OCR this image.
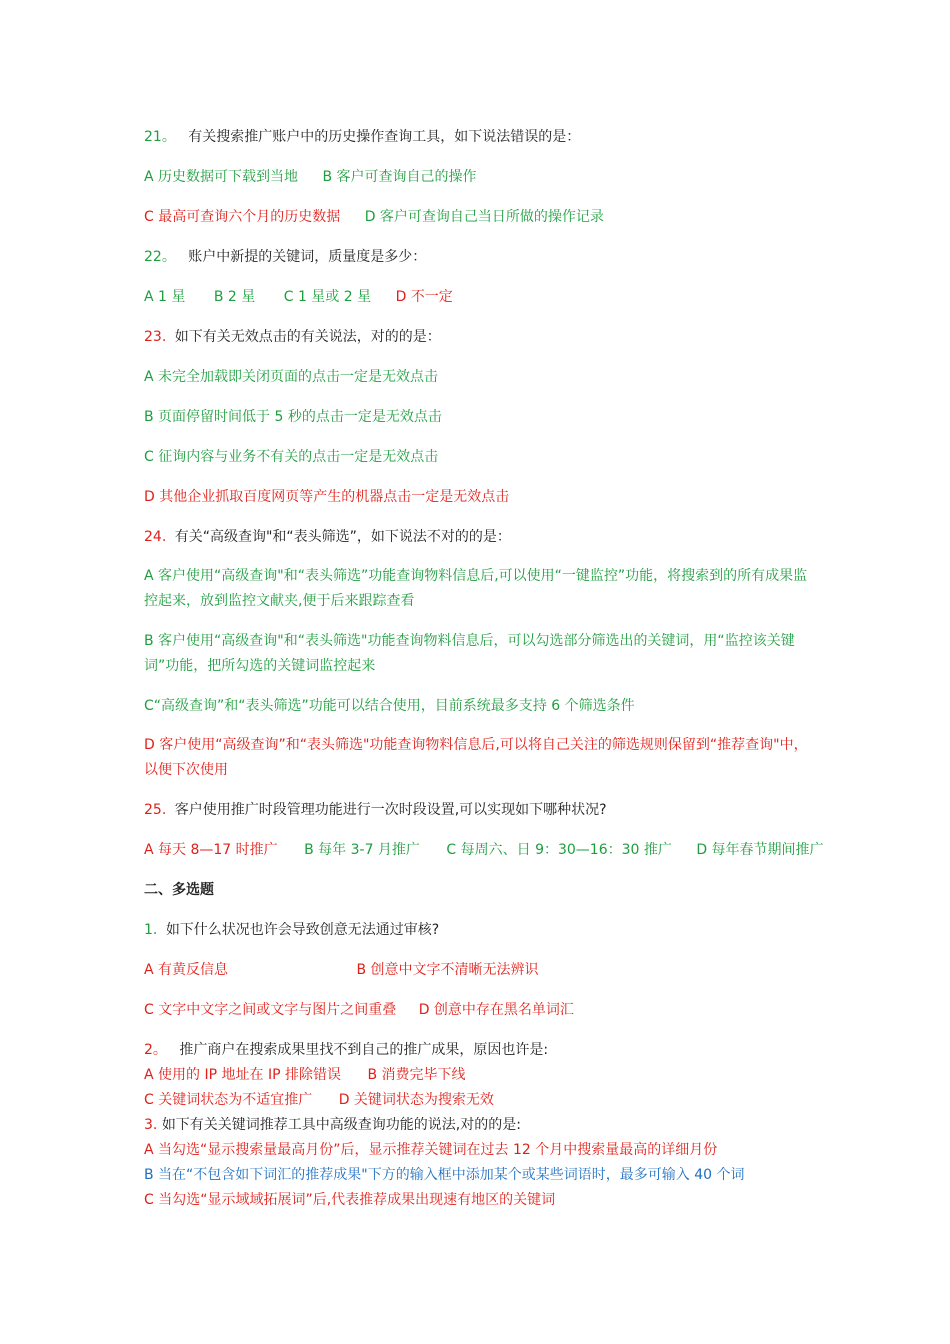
21。 有关搜索推广账户中的历史操作查询工具，如下说法错误的是：
A 历史数据可下载到当地 B 客户可查询自己的操作
C 最高可查询六个月的历史数据 D 客户可查询自己当日所做的操作记录
22。 账户中新提的关键词，质量度是多少：
A 1 星 B 2 星 C 1 星或 2 星 D 不一定
23. 如下有关无效点击的有关说法，对的的是：
A 未完全加载即关闭页面的点击一定是无效点击
B 页面停留时间低于 5 秒的点击一定是无效点击
C 征询内容与业务不有关的点击一定是无效点击
D 其他企业抓取百度网页等产生的机器点击一定是无效点击
24. 有关“高级查询"和“表头筛选”，如下说法不对的的是：
A 客户使用“高级查询"和“表头筛选”功能查询物料信息后,可以使用“一键监控”功能，将搜索到的所有成果监控起来，放到监控文献夹,便于后来跟踪查看
B 客户使用“高级查询"和“表头筛选"功能查询物料信息后，可以勾选部分筛选出的关键词，用“监控该关键词”功能，把所勾选的关键词监控起来
C“高级查询”和“表头筛选”功能可以结合使用，目前系统最多支持 6 个筛选条件
D 客户使用“高级查询”和“表头筛选"功能查询物料信息后,可以将自己关注的筛选规则保留到“推荐查询"中，以便下次使用
25. 客户使用推广时段管理功能进行一次时段设置,可以实现如下哪种状况?
A 每天 8—17 时推广 B 每年 3-7 月推广 C 每周六、日 9：30—16：30 推广 D 每年春节期间推广
二、多选题
1. 如下什么状况也许会导致创意无法通过审核?
A 有黄反信息	B 创意中文字不清晰无法辨识
C 文字中文字之间或文字与图片之间重叠 D 创意中存在黑名单词汇
2。 推广商户在搜索成果里找不到自己的推广成果，原因也许是:
A 使用的 IP 地址在 IP 排除错误 B 消费完毕下线
C 关键词状态为不适宜推广 D 关键词状态为搜索无效
3. 如下有关关键词推荐工具中高级查询功能的说法,对的的是:
A 当勾选“显示搜索量最高月份”后，显示推荐关键词在过去 12 个月中搜索量最高的详细月份
B 当在“不包含如下词汇的推荐成果"下方的输入框中添加某个或某些词语时，最多可输入 40 个词
C 当勾选“显示域域拓展词”后,代表推荐成果出现速有地区的关键词
